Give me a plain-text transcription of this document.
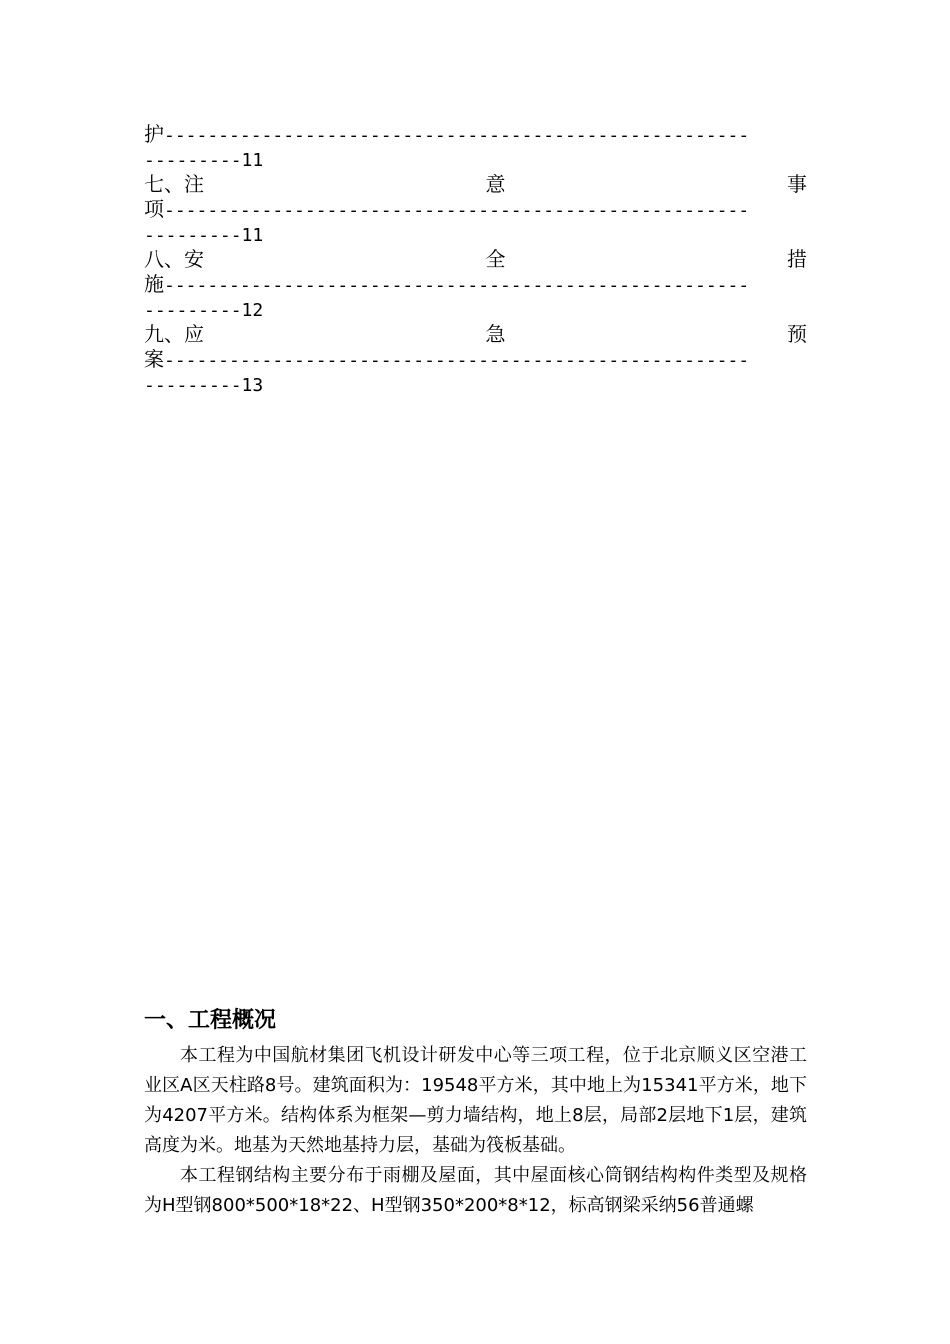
护------------------------------------------------------
---------11
七、注	意	事
项------------------------------------------------------
---------11
八、安	全	措
施------------------------------------------------------
---------12
九、应	急	预
案------------------------------------------------------
---------13
一、工程概况

本工程为中国航材集团飞机设计研发中心等三项工程，位于北京顺义区空港工业区A区天柱路8号。建筑面积为：19548平方米，其中地上为15341平方米，地下为4207平方米。结构体系为框架—剪力墙结构，地上8层，局部2层地下1层，建筑高度为米。地基为天然地基持力层，基础为筏板基础。

本工程钢结构主要分布于雨棚及屋面，其中屋面核心筒钢结构构件类型及规格为H型钢800*500*18*22、H型钢350*200*8*12，标高钢梁采纳56普通螺
